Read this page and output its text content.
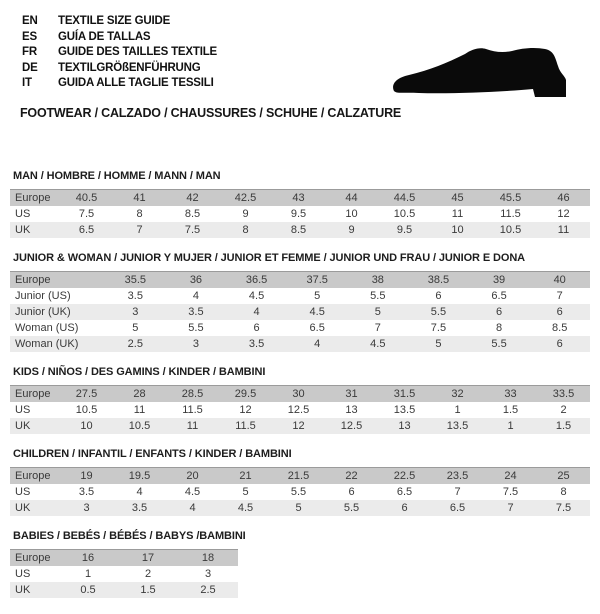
EN	TEXTILE SIZE GUIDE
ES	GUÍA DE TALLAS
FR	GUIDE DES TAILLES TEXTILE
DE	TEXTILGRÖßENFÜHRUNG
IT	GUIDA ALLE TAGLIE TESSILI
FOOTWEAR / CALZADO / CHAUSSURES / SCHUHE / CALZATURE
MAN / HOMBRE / HOMME / MANN / MAN
Europe	40.5	41	42	42.5	43	44	44.5	45	45.5	46
US	7.5	8	8.5	9	9.5	10	10.5	11	11.5	12
UK	6.5	7	7.5	8	8.5	9	9.5	10	10.5	11
JUNIOR & WOMAN / JUNIOR Y MUJER / JUNIOR ET FEMME / JUNIOR UND FRAU / JUNIOR E DONA
Europe	35.5	36	36.5	37.5	38	38.5	39	40
Junior (US)	3.5	4	4.5	5	5.5	6	6.5	7
Junior (UK)	3	3.5	4	4.5	5	5.5	6	6
Woman (US)	5	5.5	6	6.5	7	7.5	8	8.5
Woman (UK)	2.5	3	3.5	4	4.5	5	5.5	6
KIDS / NIÑOS / DES GAMINS / KINDER / BAMBINI
Europe	27.5	28	28.5	29.5	30	31	31.5	32	33	33.5
US	10.5	11	11.5	12	12.5	13	13.5	1	1.5	2
UK	10	10.5	11	11.5	12	12.5	13	13.5	1	1.5
CHILDREN / INFANTIL / ENFANTS / KINDER / BAMBINI
Europe	19	19.5	20	21	21.5	22	22.5	23.5	24	25
US	3.5	4	4.5	5	5.5	6	6.5	7	7.5	8
UK	3	3.5	4	4.5	5	5.5	6	6.5	7	7.5
BABIES / BEBÉS / BÉBÉS / BABYS /BAMBINI
Europe	16	17	18
US	1	2	3
UK	0.5	1.5	2.5
